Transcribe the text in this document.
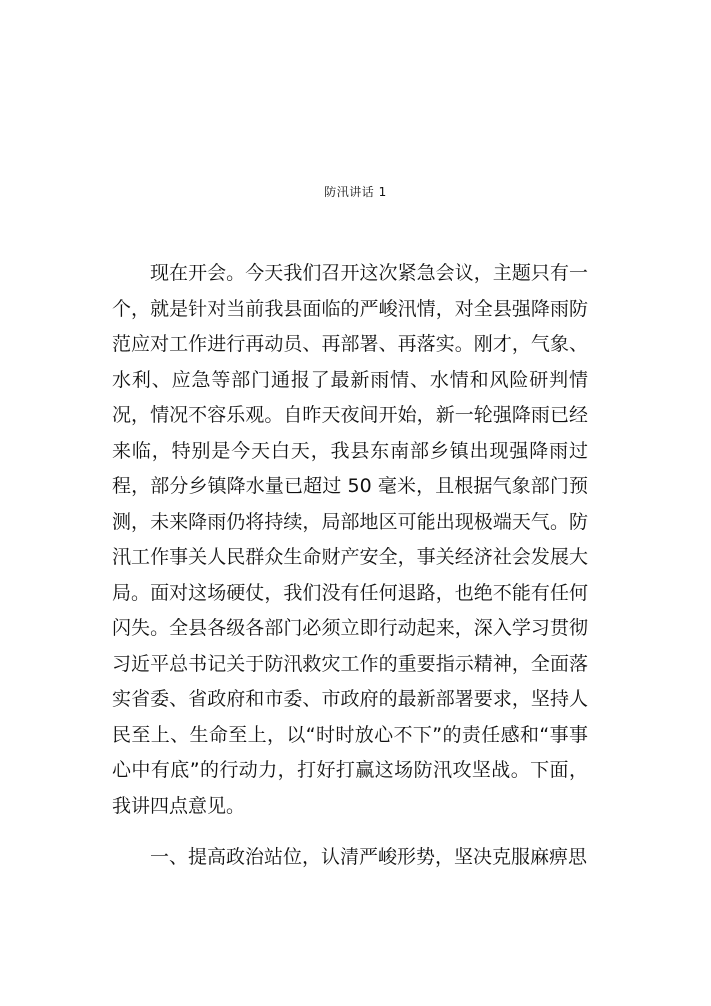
防汛讲话 1

现在开会。今天我们召开这次紧急会议，主题只有一个，就是针对当前我县面临的严峻汛情，对全县强降雨防范应对工作进行再动员、再部署、再落实。刚才，气象、水利、应急等部门通报了最新雨情、水情和风险研判情况，情况不容乐观。自昨天夜间开始，新一轮强降雨已经来临，特别是今天白天，我县东南部乡镇出现强降雨过程，部分乡镇降水量已超过 50 毫米，且根据气象部门预测，未来降雨仍将持续，局部地区可能出现极端天气。防汛工作事关人民群众生命财产安全，事关经济社会发展大局。面对这场硬仗，我们没有任何退路，也绝不能有任何闪失。全县各级各部门必须立即行动起来，深入学习贯彻习近平总书记关于防汛救灾工作的重要指示精神，全面落实省委、省政府和市委、市政府的最新部署要求，坚持人民至上、生命至上，以“时时放心不下”的责任感和“事事心中有底”的行动力，打好打赢这场防汛攻坚战。下面，我讲四点意见。

一、提高政治站位，认清严峻形势，坚决克服麻痹思
